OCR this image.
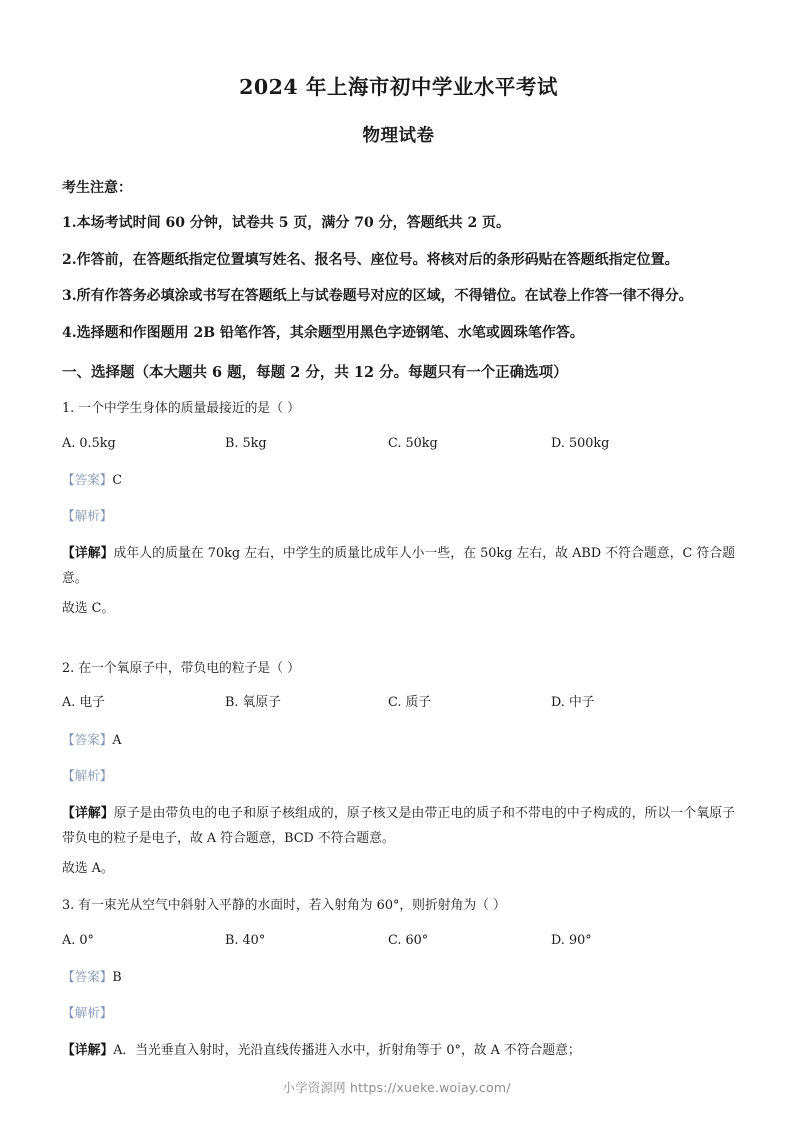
2024 年上海市初中学业水平考试
物理试卷
考生注意：
1.本场考试时间 60 分钟，试卷共 5 页，满分 70 分，答题纸共 2 页。
2.作答前，在答题纸指定位置填写姓名、报名号、座位号。将核对后的条形码贴在答题纸指定位置。
3.所有作答务必填涂或书写在答题纸上与试卷题号对应的区域，不得错位。在试卷上作答一律不得分。
4.选择题和作图题用 2B 铅笔作答，其余题型用黑色字迹钢笔、水笔或圆珠笔作答。
一、选择题（本大题共 6 题，每题 2 分，共 12 分。每题只有一个正确选项）
1. 一个中学生身体的质量最接近的是（ ）
A. 0.5kg	B. 5kg	C. 50kg	D. 500kg
【答案】C
【解析】
【详解】成年人的质量在 70kg 左右，中学生的质量比成年人小一些，在 50kg 左右，故 ABD 不符合题意，C 符合题意。
故选 C。
2. 在一个氧原子中，带负电的粒子是（ ）
A. 电子	B. 氧原子	C. 质子	D. 中子
【答案】A
【解析】
【详解】原子是由带负电的电子和原子核组成的，原子核又是由带正电的质子和不带电的中子构成的，所以一个氧原子带负电的粒子是电子，故 A 符合题意，BCD 不符合题意。
故选 A。
3. 有一束光从空气中斜射入平静的水面时，若入射角为 60°，则折射角为（ ）
A. 0°	B. 40°	C. 60°	D. 90°
【答案】B
【解析】
【详解】A．当光垂直入射时，光沿直线传播进入水中，折射角等于 0°，故 A 不符合题意；
小学资源网 https://xueke.woiay.com/
